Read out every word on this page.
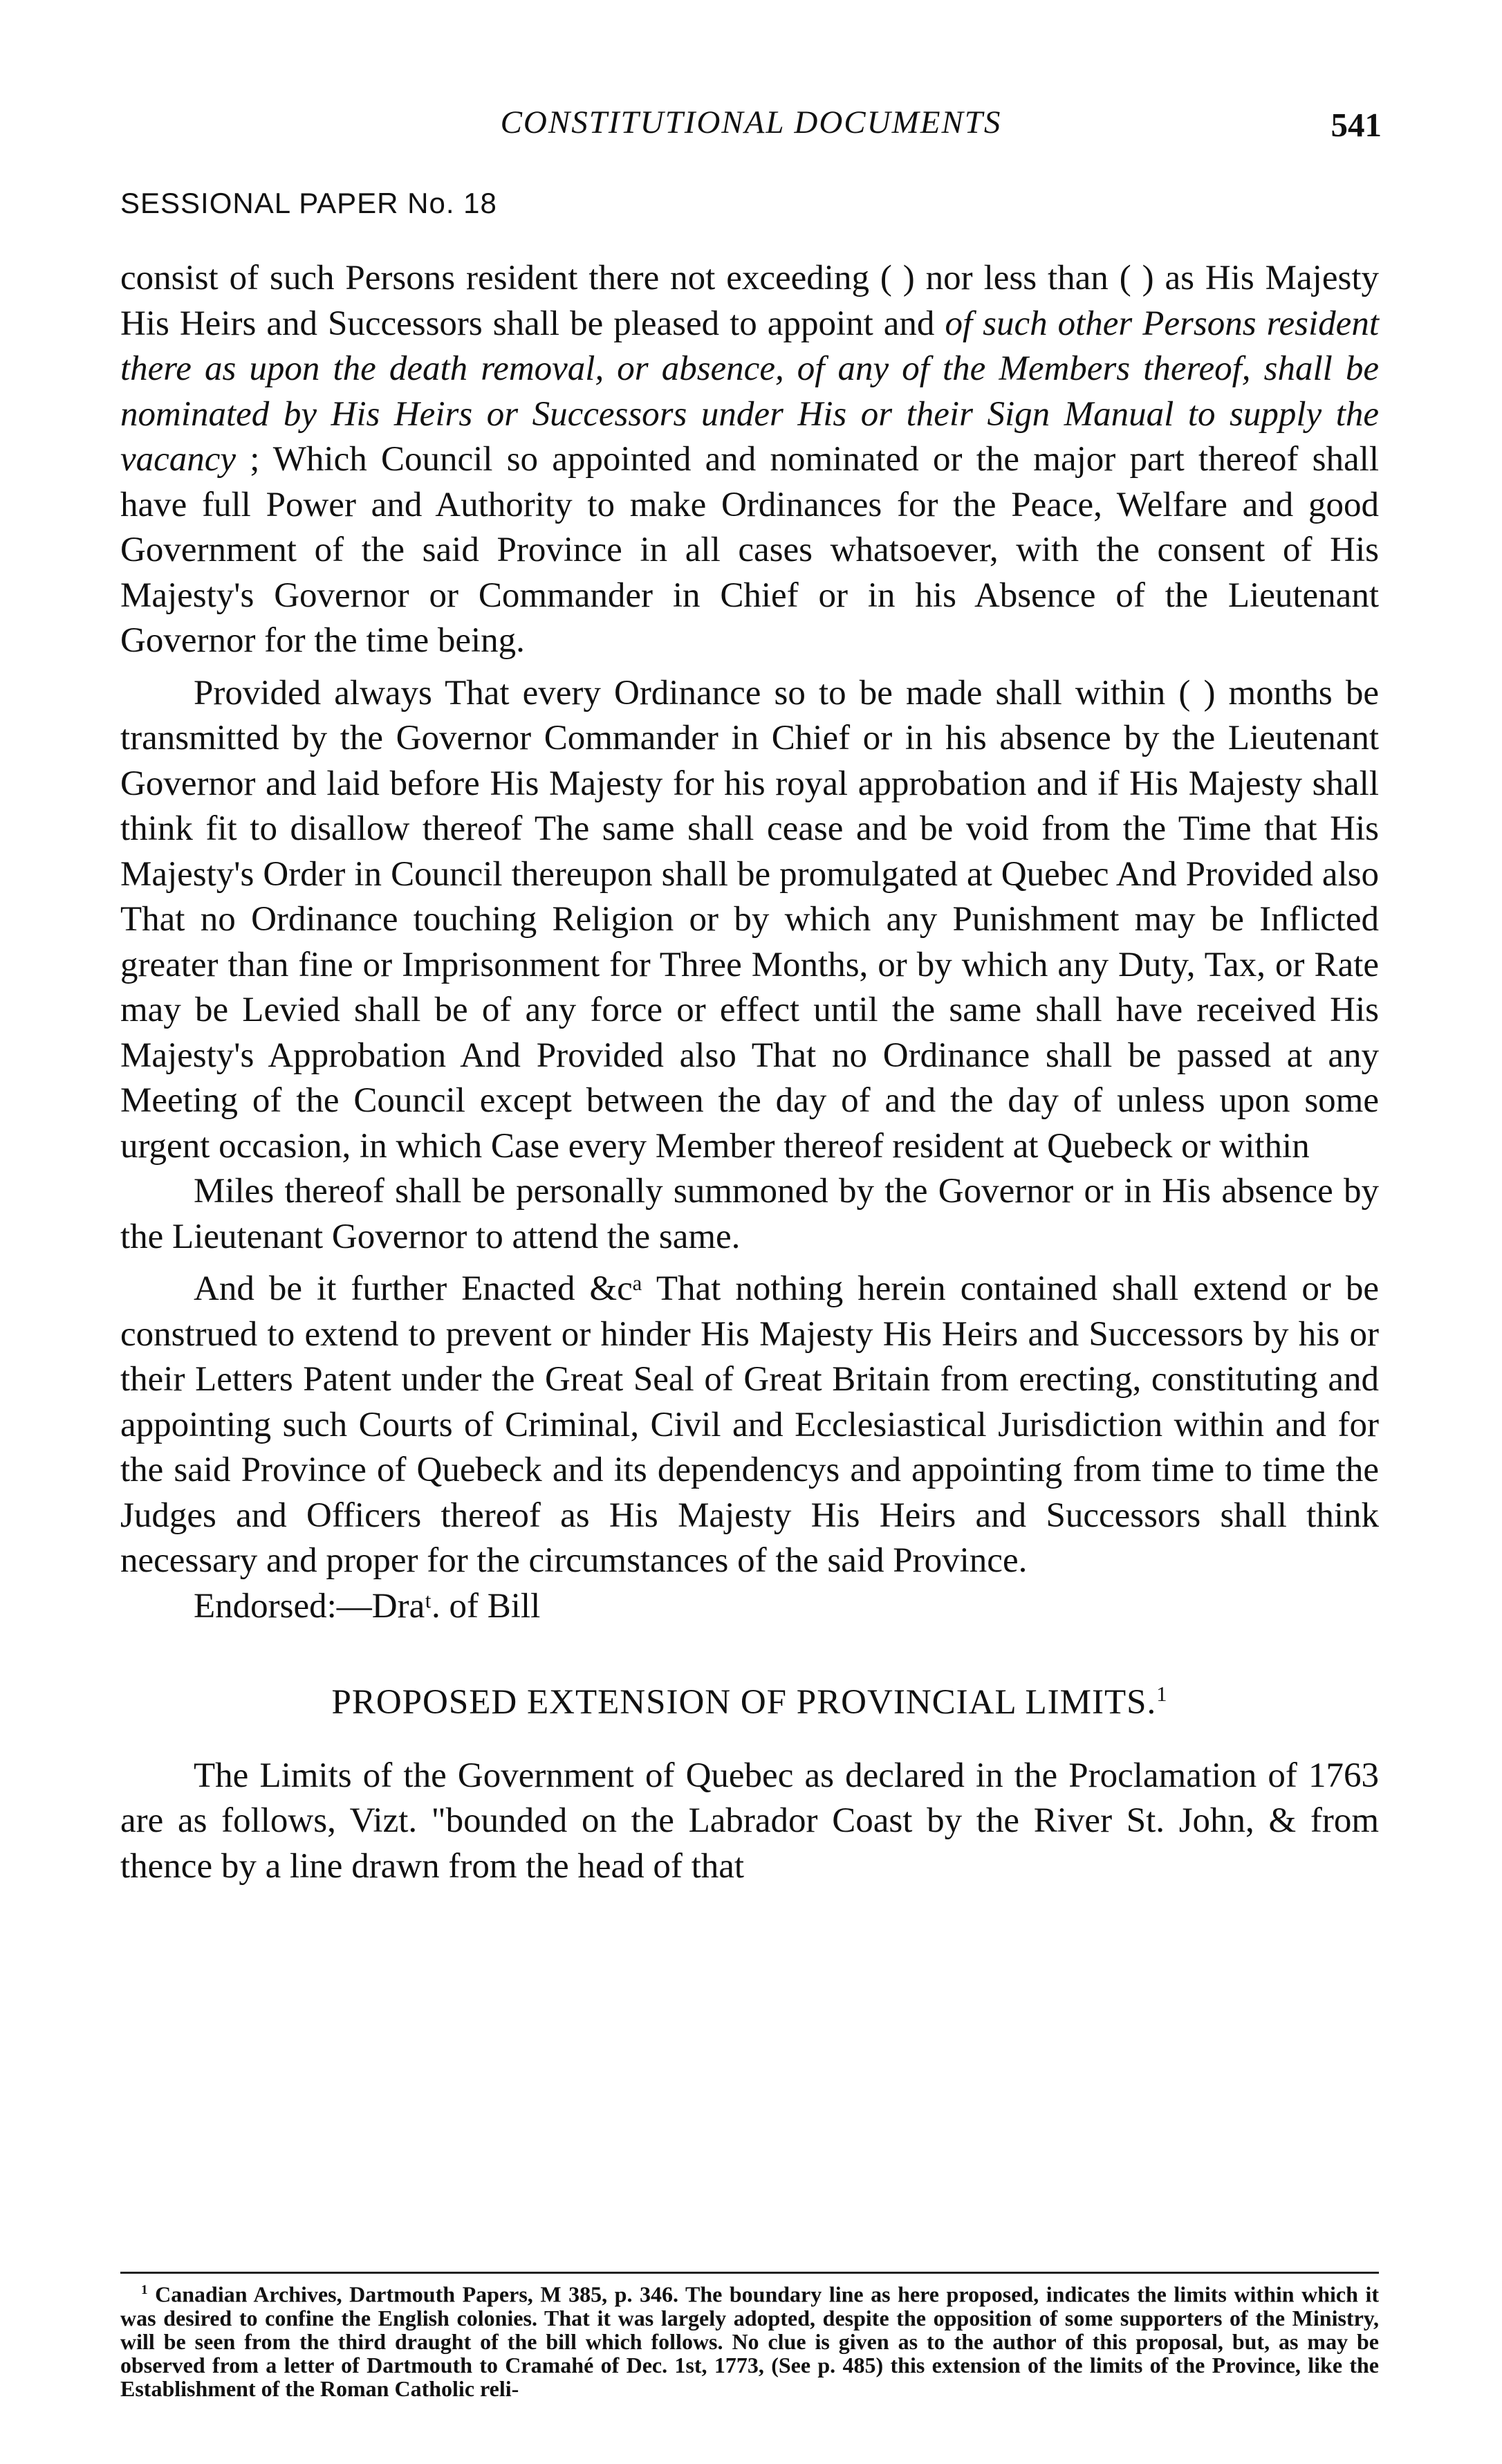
CONSTITUTIONAL DOCUMENTS	541
SESSIONAL PAPER No. 18

consist of such Persons resident there not exceeding ( ) nor less than ( ) as His Majesty His Heirs and Successors shall be pleased to appoint and of such other Persons resident there as upon the death removal, or absence, of any of the Members thereof, shall be nominated by His Heirs or Successors under His or their Sign Manual to supply the vacancy ; Which Council so appointed and nominated or the major part thereof shall have full Power and Authority to make Ordinances for the Peace, Welfare and good Government of the said Province in all cases whatsoever, with the consent of His Majesty's Governor or Commander in Chief or in his Absence of the Lieutenant Governor for the time being.

Provided always That every Ordinance so to be made shall within ( ) months be transmitted by the Governor Commander in Chief or in his absence by the Lieutenant Governor and laid before His Majesty for his royal approbation and if His Majesty shall think fit to disallow thereof The same shall cease and be void from the Time that His Majesty's Order in Council thereupon shall be promulgated at Quebec And Provided also That no Ordinance touching Religion or by which any Punishment may be Inflicted greater than fine or Imprisonment for Three Months, or by which any Duty, Tax, or Rate may be Levied shall be of any force or effect until the same shall have received His Majesty's Approbation And Provided also That no Ordinance shall be passed at any Meeting of the Council except between the day of and the day of unless upon some urgent occasion, in which Case every Member thereof resident at Quebeck or within

Miles thereof shall be personally summoned by the Governor or in His absence by the Lieutenant Governor to attend the same.

And be it further Enacted &cᵃ That nothing herein contained shall extend or be construed to extend to prevent or hinder His Majesty His Heirs and Successors by his or their Letters Patent under the Great Seal of Great Britain from erecting, constituting and appointing such Courts of Criminal, Civil and Ecclesiastical Jurisdiction within and for the said Province of Quebeck and its dependencys and appointing from time to time the Judges and Officers thereof as His Majesty His Heirs and Successors shall think necessary and proper for the circumstances of the said Province.

Endorsed:—Draᵗ. of Bill

PROPOSED EXTENSION OF PROVINCIAL LIMITS.$^1$

The Limits of the Government of Quebec as declared in the Proclamation of 1763 are as follows, Vizt. "bounded on the Labrador Coast by the River St. John, & from thence by a line drawn from the head of that

$^1$ Canadian Archives, Dartmouth Papers, M 385, p. 346. The boundary line as here proposed, indicates the limits within which it was desired to confine the English colonies. That it was largely adopted, despite the opposition of some supporters of the Ministry, will be seen from the third draught of the bill which follows. No clue is given as to the author of this proposal, but, as may be observed from a letter of Dartmouth to Cramahé of Dec. 1st, 1773, (See p. 485) this extension of the limits of the Province, like the Establishment of the Roman Catholic reli-
